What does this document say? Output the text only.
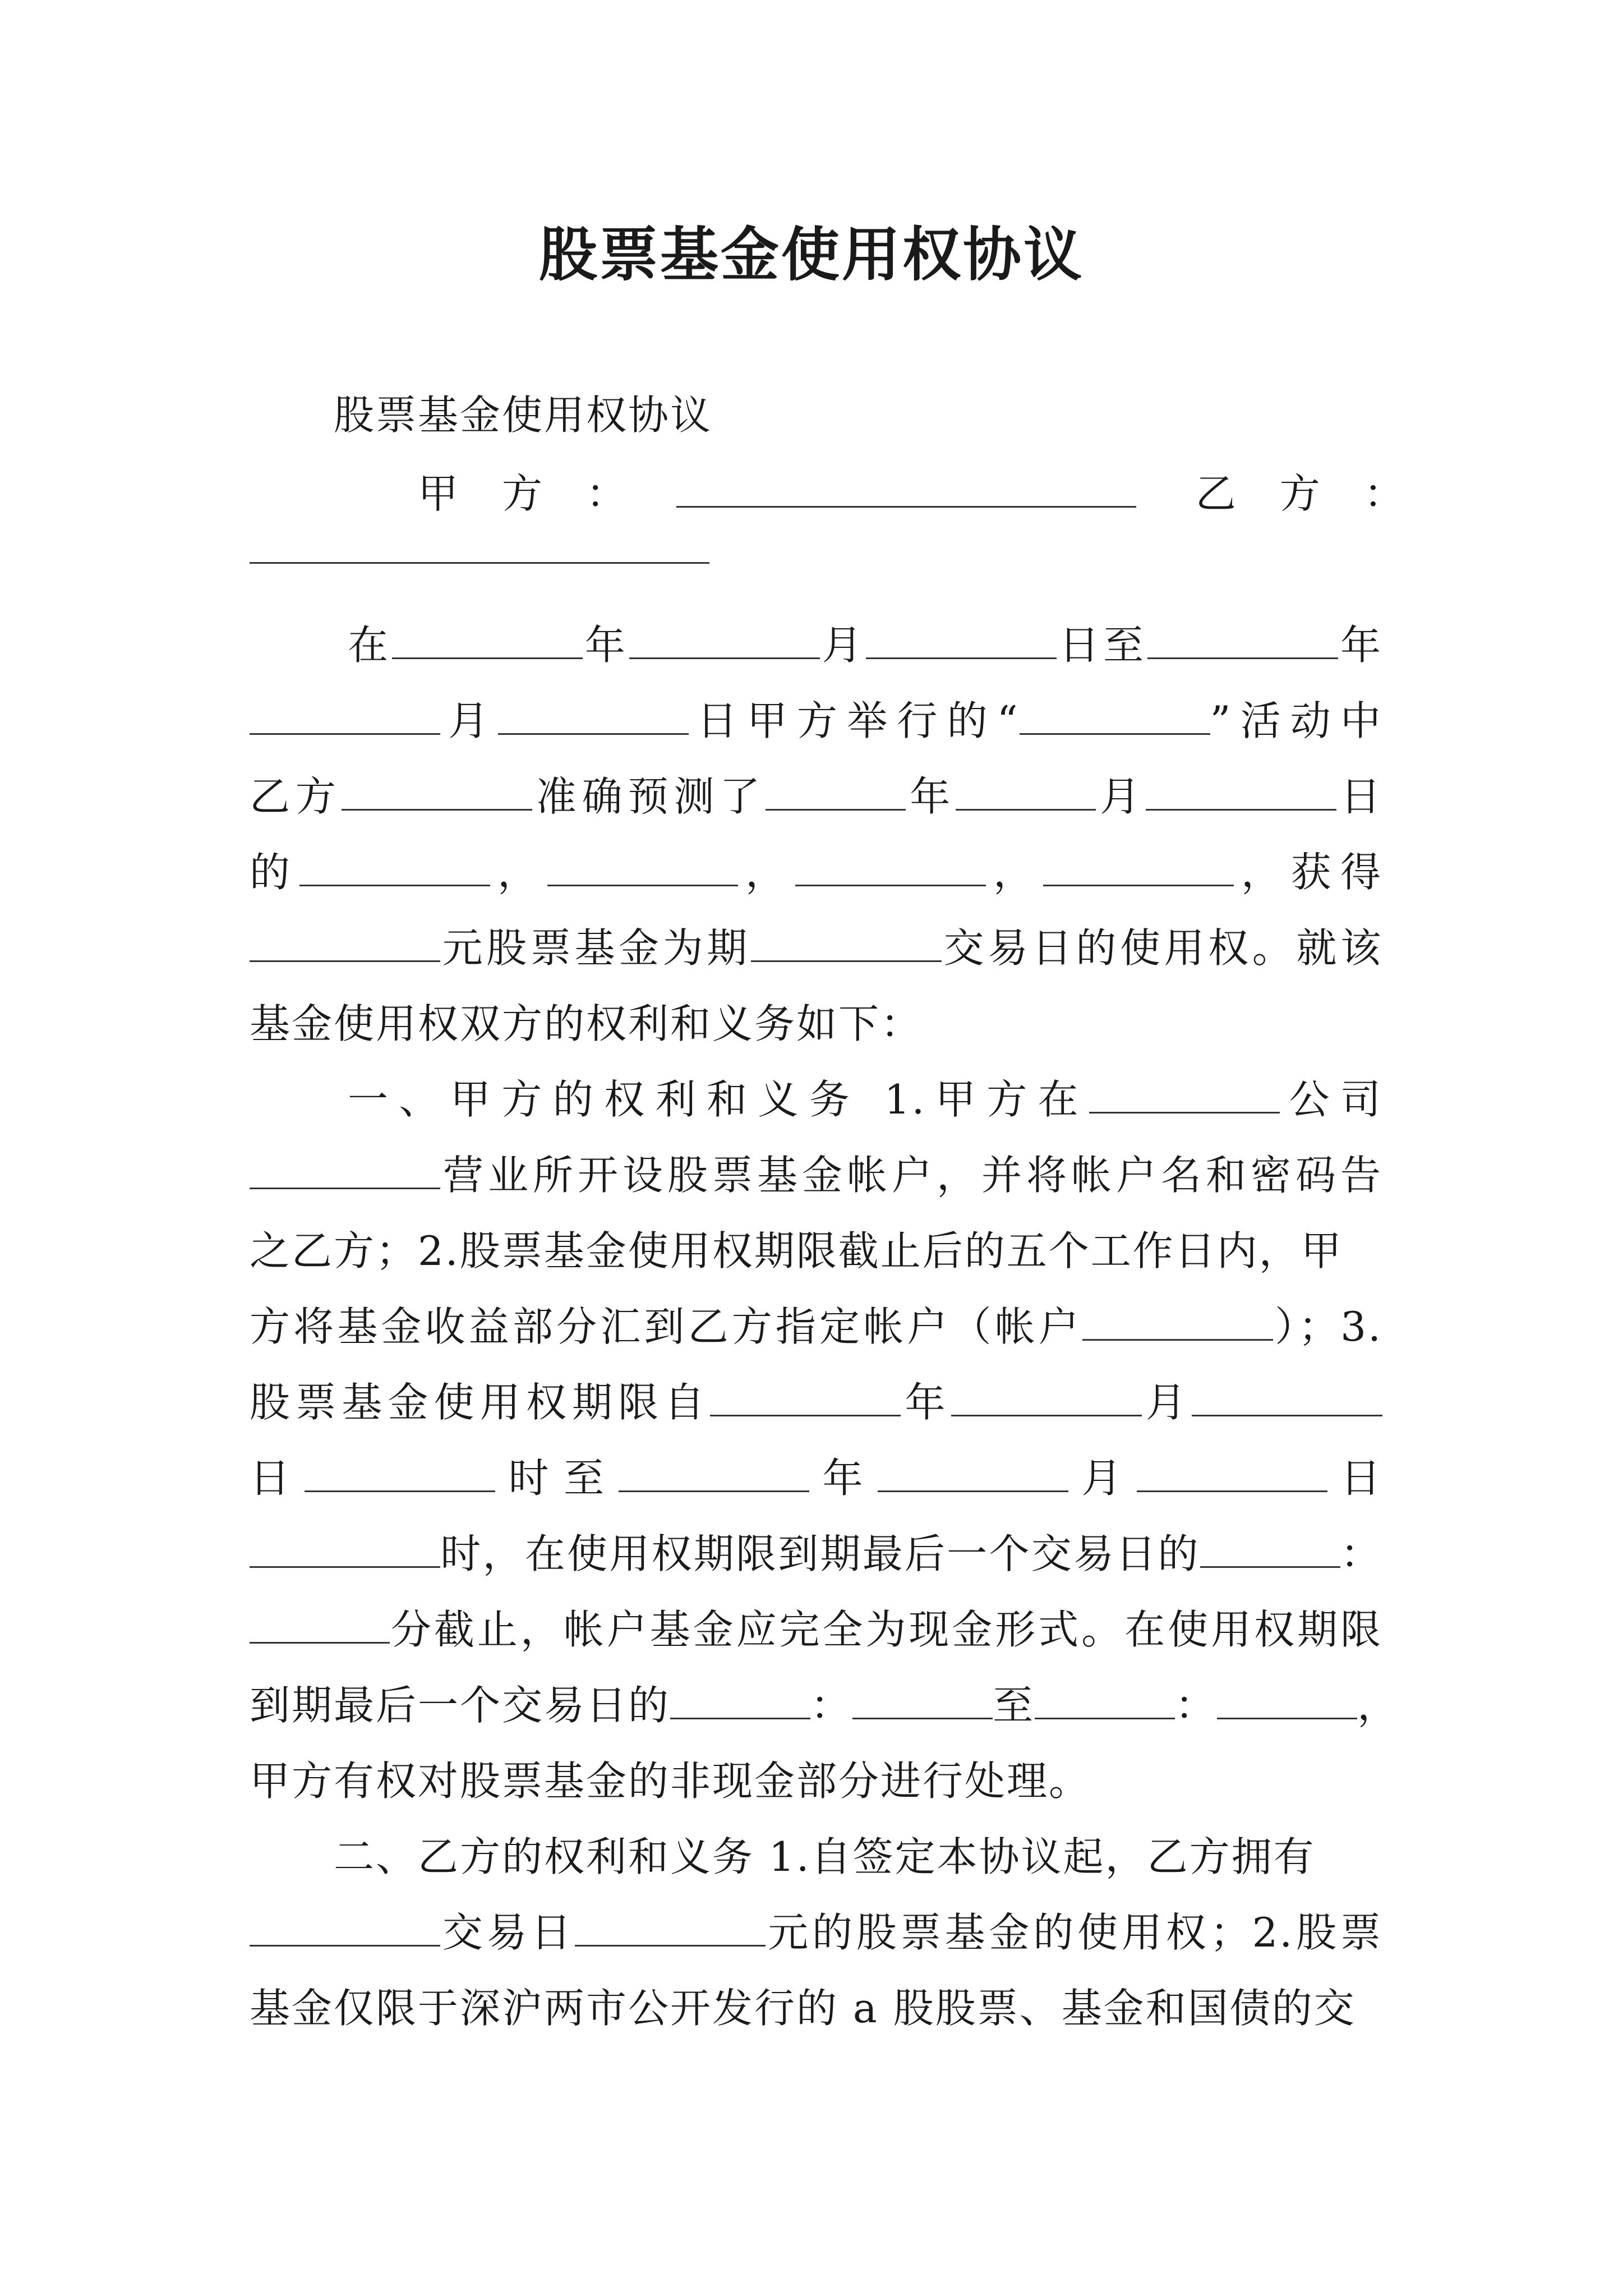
股票基金使用权协议
股票基金使用权协议
甲　方　：	乙　方　：
在	年	月	日至	年
月	日甲方举行的“	”活动中
乙方	准确预测了	年	月	日
的	，	，	，	，获得
元股票基金为期	交易日的使用权。就该
基金使用权双方的权利和义务如下：
一、甲方的权利和义务 1.甲方在	公司
营业所开设股票基金帐户，并将帐户名和密码告
之乙方；2.股票基金使用权期限截止后的五个工作日内，甲
方将基金收益部分汇到乙方指定帐户（帐户	）；3.
股票基金使用权期限自	年	月
日	时至	年	月	日
时，在使用权期限到期最后一个交易日的	：
分截止，帐户基金应完全为现金形式。在使用权期限
到期最后一个交易日的	：	至	：	，
甲方有权对股票基金的非现金部分进行处理。
二、乙方的权利和义务 1.自签定本协议起，乙方拥有
交易日	元的股票基金的使用权；2.股票
基金仅限于深沪两市公开发行的 a 股股票、基金和国债的交
